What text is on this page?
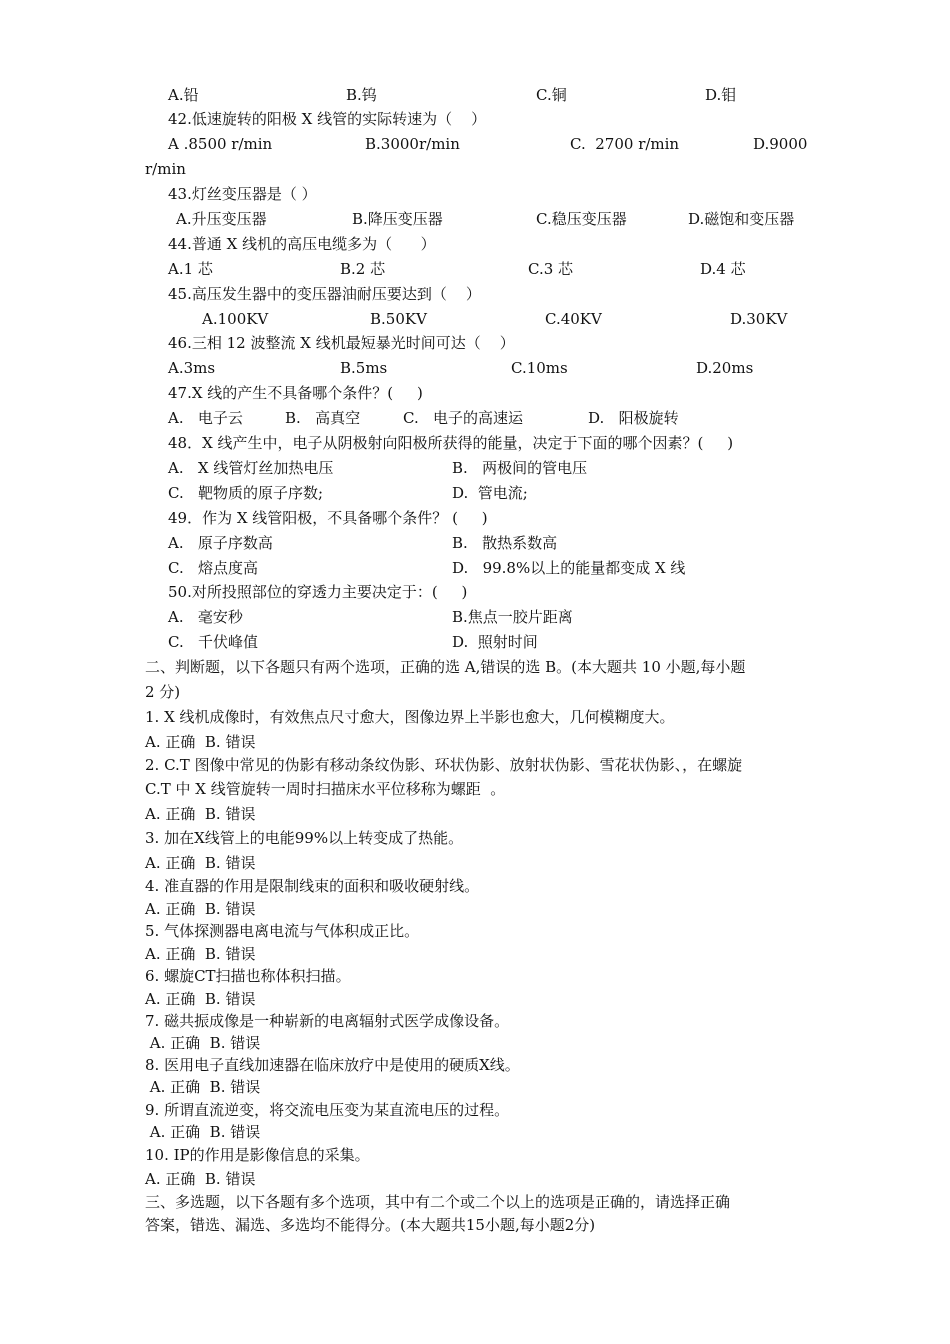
A.铅	B.钨	C.铜	D.钼
42.低速旋转的阳极 X 线管的实际转速为（    ）
A .8500 r/min	B.3000r/min	C.  2700 r/min	D.9000
r/min
43.灯丝变压器是（ ）
A.升压变压器	B.降压变压器	C.稳压变压器	D.磁饱和变压器
44.普通 X 线机的高压电缆多为（      ）
A.1 芯	B.2 芯	C.3 芯	D.4 芯
45.高压发生器中的变压器油耐压要达到（    ）
A.100KV	B.50KV	C.40KV	D.30KV
46.三相 12 波整流 X 线机最短暴光时间可达（    ）
A.3ms	B.5ms	C.10ms	D.20ms
47.X 线的产生不具备哪个条件？(     )
A.   电子云	B.   高真空	C.   电子的高速运	D.   阳极旋转
48．X 线产生中，电子从阴极射向阳极所获得的能量，决定于下面的哪个因素？(     )
A.   X 线管灯丝加热电压	B.   两极间的管电压
C.   靶物质的原子序数;	D.  管电流;
49．作为 X 线管阳极，不具备哪个条件？ (     )
A.   原子序数高	B.   散热系数高
C.   熔点度高	D.   99.8%以上的能量都变成 X 线
50.对所投照部位的穿透力主要决定于：(     )
A.   毫安秒	B.焦点一胶片距离
C.   千伏峰值	D.  照射时间
二、判断题，以下各题只有两个选项，正确的选 A,错误的选 B。(本大题共 10 小题,每小题
2 分)
1. X 线机成像时，有效焦点尺寸愈大，图像边界上半影也愈大，几何模糊度大。
A. 正确  B. 错误
2. C.T 图像中常见的伪影有移动条纹伪影、环状伪影、放射状伪影、雪花状伪影、，在螺旋
C.T 中 X 线管旋转一周时扫描床水平位移称为螺距  。
A. 正确  B. 错误
3. 加在X线管上的电能99%以上转变成了热能。
A. 正确  B. 错误
4. 准直器的作用是限制线束的面积和吸收硬射线。
A. 正确  B. 错误
5. 气体探测器电离电流与气体积成正比。
A. 正确  B. 错误
6. 螺旋CT扫描也称体积扫描。
A. 正确  B. 错误
7. 磁共振成像是一种崭新的电离辐射式医学成像设备。
A. 正确  B. 错误
8. 医用电子直线加速器在临床放疗中是使用的硬质X线。
A. 正确  B. 错误
9. 所谓直流逆变，将交流电压变为某直流电压的过程。
A. 正确  B. 错误
10. IP的作用是影像信息的采集。
A. 正确  B. 错误
三、多选题，以下各题有多个选项，其中有二个或二个以上的选项是正确的，请选择正确
答案，错选、漏选、多选均不能得分。(本大题共15小题,每小题2分)
